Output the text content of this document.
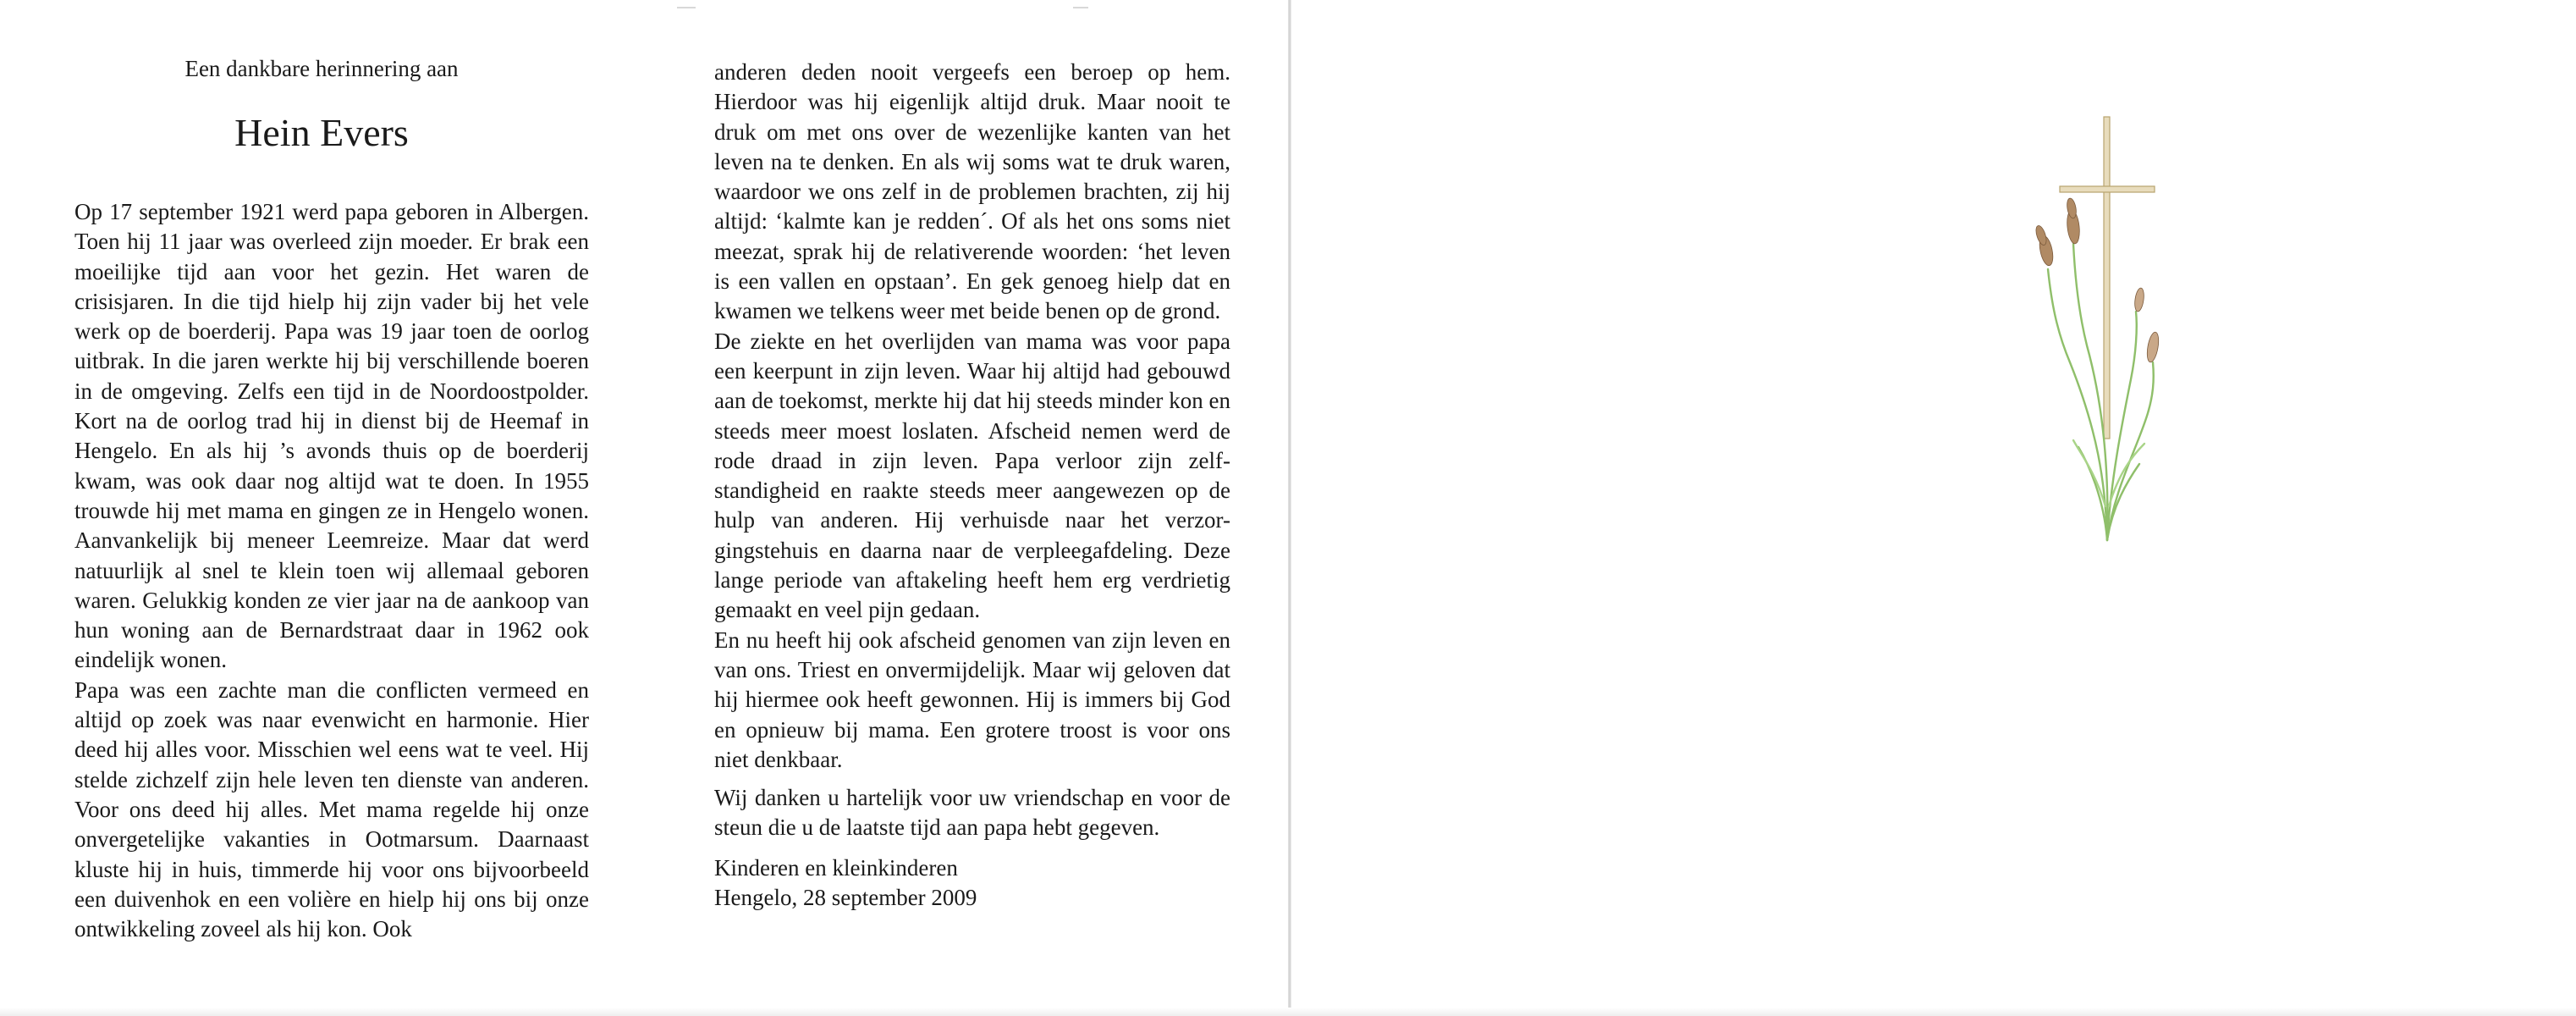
Een dankbare herinnering aan
Hein Evers

Op 17 september 1921 werd papa geboren in Albergen. Toen hij 11 jaar was overleed zijn moeder. Er brak een moeilijke tijd aan voor het gezin. Het waren de crisisjaren. In die tijd hielp hij zijn vader bij het vele werk op de boerderij. Papa was 19 jaar toen de oorlog uitbrak. In die jaren werkte hij bij verschillende boeren in de omgeving. Zelfs een tijd in de Noordoostpolder. Kort na de oorlog trad hij in dienst bij de Heemaf in Hengelo. En als hij ’s avonds thuis op de boerderij kwam, was ook daar nog altijd wat te doen. In 1955 trouwde hij met mama en gingen ze in Hengelo wonen. Aanvankelijk bij meneer Leemreize. Maar dat werd natuurlijk al snel te klein toen wij allemaal geboren waren. Gelukkig konden ze vier jaar na de aankoop van hun woning aan de Bernardstraat daar in 1962 ook eindelijk wonen.

Papa was een zachte man die conflicten vermeed en altijd op zoek was naar evenwicht en harmonie. Hier deed hij alles voor. Misschien wel eens wat te veel. Hij stelde zichzelf zijn hele leven ten dienste van anderen. Voor ons deed hij alles. Met mama regelde hij onze onvergetelijke vakanties in Ootmarsum. Daarnaast kluste hij in huis, timmerde hij voor ons bijvoorbeeld een duivenhok en een volière en hielp hij ons bij onze ontwikkeling zoveel als hij kon. Ook

anderen deden nooit vergeefs een beroep op hem. Hierdoor was hij eigenlijk altijd druk. Maar nooit te druk om met ons over de wezenlijke kanten van het leven na te denken. En als wij soms wat te druk waren, waardoor we ons zelf in de problemen brachten, zij hij altijd: ‘kalmte kan je redden´. Of als het ons soms niet meezat, sprak hij de relativerende woorden: ‘het leven is een vallen en opstaan’. En gek genoeg hielp dat en kwamen we telkens weer met beide benen op de grond.

De ziekte en het overlijden van mama was voor papa een keerpunt in zijn leven. Waar hij altijd had gebouwd aan de toekomst, merkte hij dat hij steeds minder kon en steeds meer moest loslaten. Afscheid nemen werd de rode draad in zijn leven. Papa verloor zijn zelf-standigheid en raakte steeds meer aangewezen op de hulp van anderen. Hij verhuisde naar het verzor-gingstehuis en daarna naar de verpleegafdeling. Deze lange periode van aftakeling heeft hem erg verdrietig gemaakt en veel pijn gedaan.

En nu heeft hij ook afscheid genomen van zijn leven en van ons. Triest en onvermijdelijk. Maar wij geloven dat hij hiermee ook heeft gewonnen. Hij is immers bij God en opnieuw bij mama. Een grotere troost is voor ons niet denkbaar.

Wij danken u hartelijk voor uw vriendschap en voor de steun die u de laatste tijd aan papa hebt gegeven.

Kinderen en kleinkinderen
Hengelo, 28 september 2009
